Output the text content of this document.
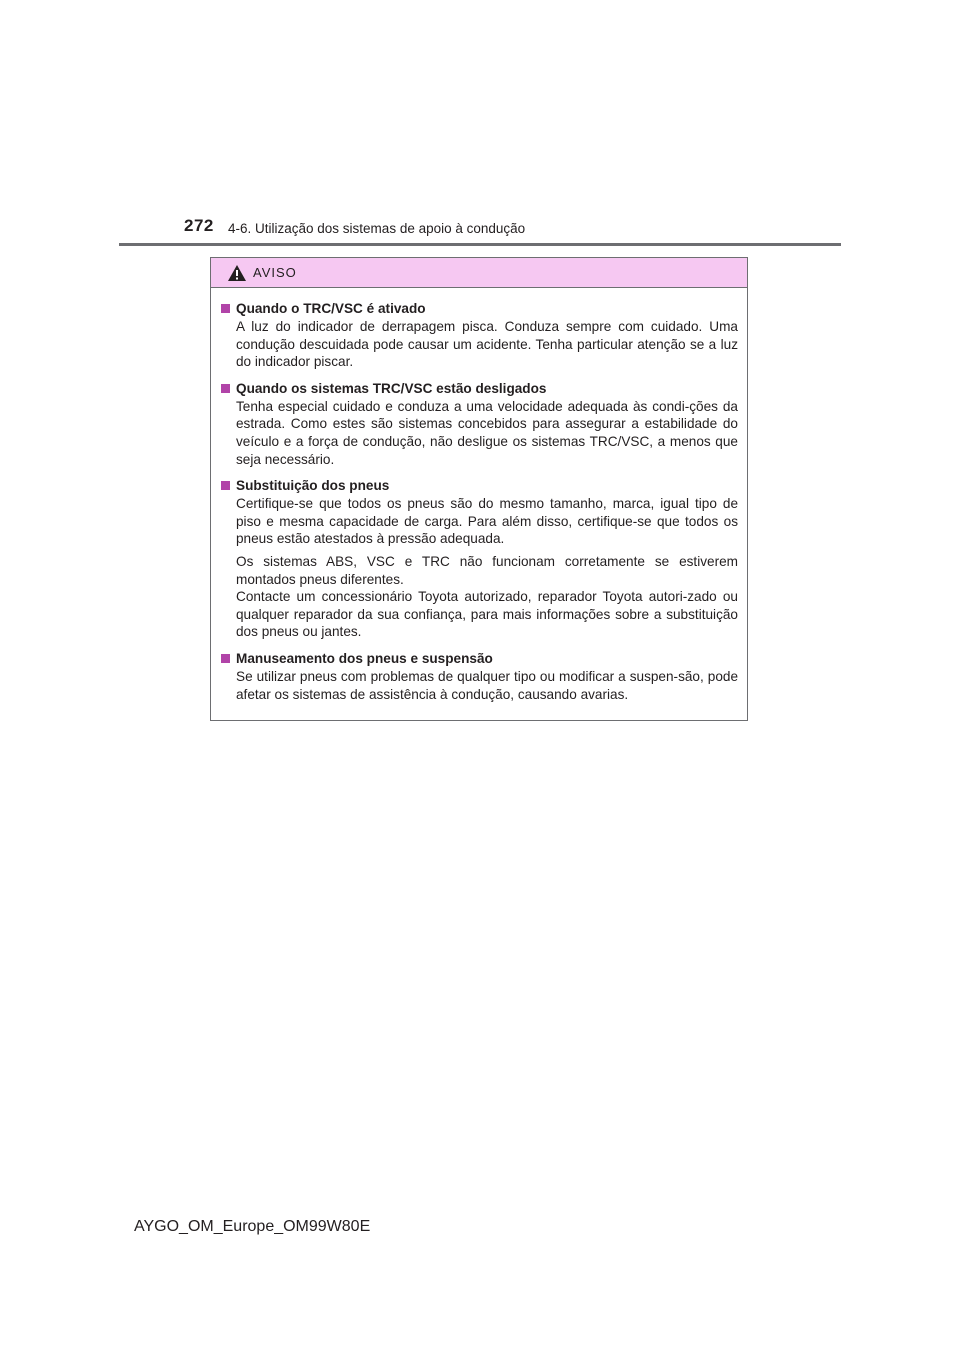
272 4-6. Utilização dos sistemas de apoio à condução
AVISO
Quando o TRC/VSC é ativado
A luz do indicador de derrapagem pisca. Conduza sempre com cuidado. Uma condução descuidada pode causar um acidente. Tenha particular atenção se a luz do indicador piscar.
Quando os sistemas TRC/VSC estão desligados
Tenha especial cuidado e conduza a uma velocidade adequada às condi-ções da estrada. Como estes são sistemas concebidos para assegurar a estabilidade do veículo e a força de condução, não desligue os sistemas TRC/VSC, a menos que seja necessário.
Substituição dos pneus
Certifique-se que todos os pneus são do mesmo tamanho, marca, igual tipo de piso e mesma capacidade de carga. Para além disso, certifique-se que todos os pneus estão atestados à pressão adequada.
Os sistemas ABS, VSC e TRC não funcionam corretamente se estiverem montados pneus diferentes.
Contacte um concessionário Toyota autorizado, reparador Toyota autori-zado ou qualquer reparador da sua confiança, para mais informações sobre a substituição dos pneus ou jantes.
Manuseamento dos pneus e suspensão
Se utilizar pneus com problemas de qualquer tipo ou modificar a suspen-são, pode afetar os sistemas de assistência à condução, causando avarias.
AYGO_OM_Europe_OM99W80E
